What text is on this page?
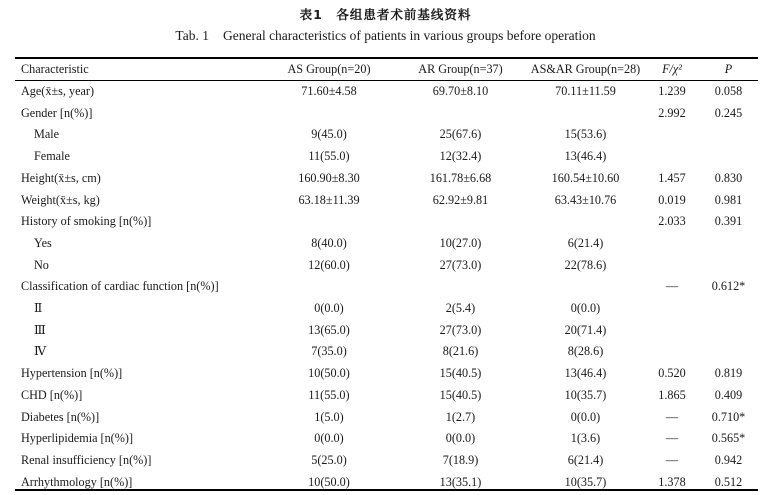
表1　各组患者术前基线资料
Tab. 1 General characteristics of patients in various groups before operation
Characteristic	AS Group(n=20)	AR Group(n=37)	AS&AR Group(n=28)	F/χ²	P
Age(x̄±s, year)	71.60±4.58	69.70±8.10	70.11±11.59	1.239	0.058
Gender [n(%)]				2.992	0.245
Male	9(45.0)	25(67.6)	15(53.6)		
Female	11(55.0)	12(32.4)	13(46.4)		
Height(x̄±s, cm)	160.90±8.30	161.78±6.68	160.54±10.60	1.457	0.830
Weight(x̄±s, kg)	63.18±11.39	62.92±9.81	63.43±10.76	0.019	0.981
History of smoking [n(%)]				2.033	0.391
Yes	8(40.0)	10(27.0)	6(21.4)		
No	12(60.0)	27(73.0)	22(78.6)		
Classification of cardiac function [n(%)]				—	0.612*
Ⅱ	0(0.0)	2(5.4)	0(0.0)		
Ⅲ	13(65.0)	27(73.0)	20(71.4)		
Ⅳ	7(35.0)	8(21.6)	8(28.6)		
Hypertension [n(%)]	10(50.0)	15(40.5)	13(46.4)	0.520	0.819
CHD [n(%)]	11(55.0)	15(40.5)	10(35.7)	1.865	0.409
Diabetes [n(%)]	1(5.0)	1(2.7)	0(0.0)	—	0.710*
Hyperlipidemia [n(%)]	0(0.0)	0(0.0)	1(3.6)	—	0.565*
Renal insufficiency [n(%)]	5(25.0)	7(18.9)	6(21.4)	—	0.942
Arrhythmology [n(%)]	10(50.0)	13(35.1)	10(35.7)	1.378	0.512
